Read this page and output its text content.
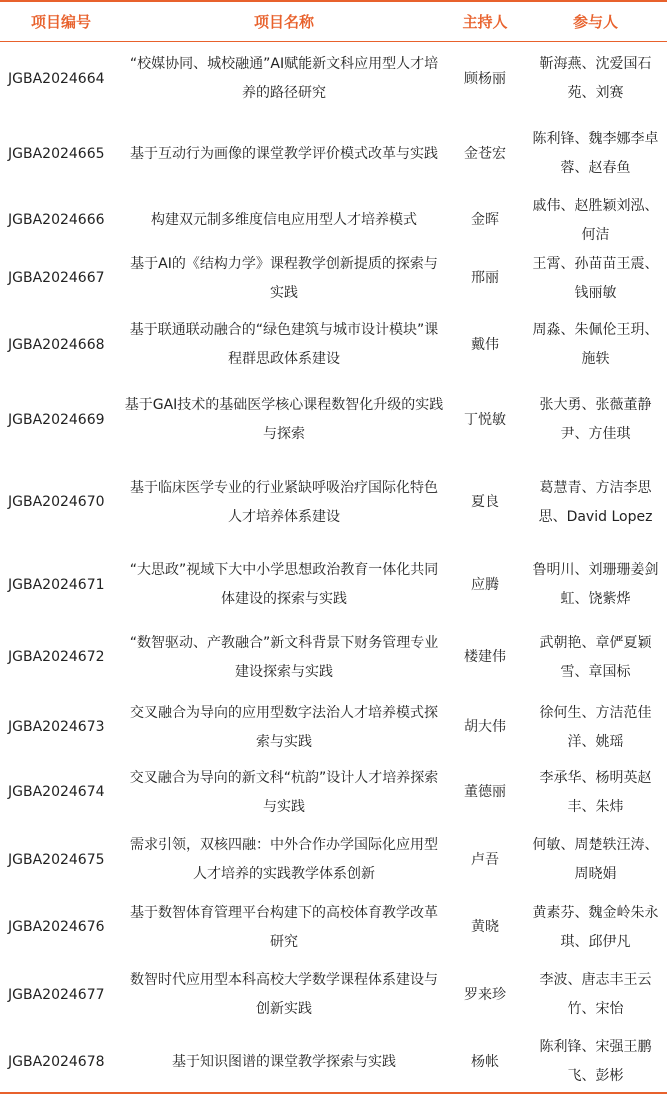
项目编号	项目名称	主持人	参与人
JGBA2024664	“校媒协同、城校融通”AI赋能新文科应用型人才培养的路径研究	顾杨丽	靳海燕、沈爱国石苑、刘赛

JGBA2024665	基于互动行为画像的课堂教学评价模式改革与实践	金苍宏	陈利锋、魏李娜李卓蓉、赵春鱼

JGBA2024666	构建双元制多维度信电应用型人才培养模式	金晖	戚伟、赵胜颖刘泓、何洁

JGBA2024667	基于AI的《结构力学》课程教学创新提质的探索与实践	邢丽	王霄、孙苗苗王震、钱丽敏

JGBA2024668	基于联通联动融合的“绿色建筑与城市设计模块”课程群思政体系建设	戴伟	周淼、朱佩伦王玥、施轶

JGBA2024669	基于GAI技术的基础医学核心课程数智化升级的实践与探索	丁悦敏	张大勇、张薇董静尹、方佳琪

JGBA2024670	基于临床医学专业的行业紧缺呼吸治疗国际化特色人才培养体系建设	夏良	葛慧青、方洁李思思、David Lopez

JGBA2024671	“大思政”视域下大中小学思想政治教育一体化共同体建设的探索与实践	应腾	鲁明川、刘珊珊姜剑虹、饶紫烨

JGBA2024672	“数智驱动、产教融合”新文科背景下财务管理专业建设探索与实践	楼建伟	武朝艳、章俨夏颖雪、章国标

JGBA2024673	交叉融合为导向的应用型数字法治人才培养模式探索与实践	胡大伟	徐何生、方洁范佳洋、姚瑶

JGBA2024674	交叉融合为导向的新文科“杭韵”设计人才培养探索与实践	董德丽	李承华、杨明英赵丰、朱炜

JGBA2024675	需求引领，双核四融：中外合作办学国际化应用型人才培养的实践教学体系创新	卢吾	何敏、周楚轶汪涛、周晓娟

JGBA2024676	基于数智体育管理平台构建下的高校体育教学改革研究	黄晓	黄素芬、魏金岭朱永琪、邱伊凡

JGBA2024677	数智时代应用型本科高校大学数学课程体系建设与创新实践	罗来珍	李波、唐志丰王云竹、宋怡

JGBA2024678	基于知识图谱的课堂教学探索与实践	杨帐	陈利锋、宋强王鹏飞、彭彬
